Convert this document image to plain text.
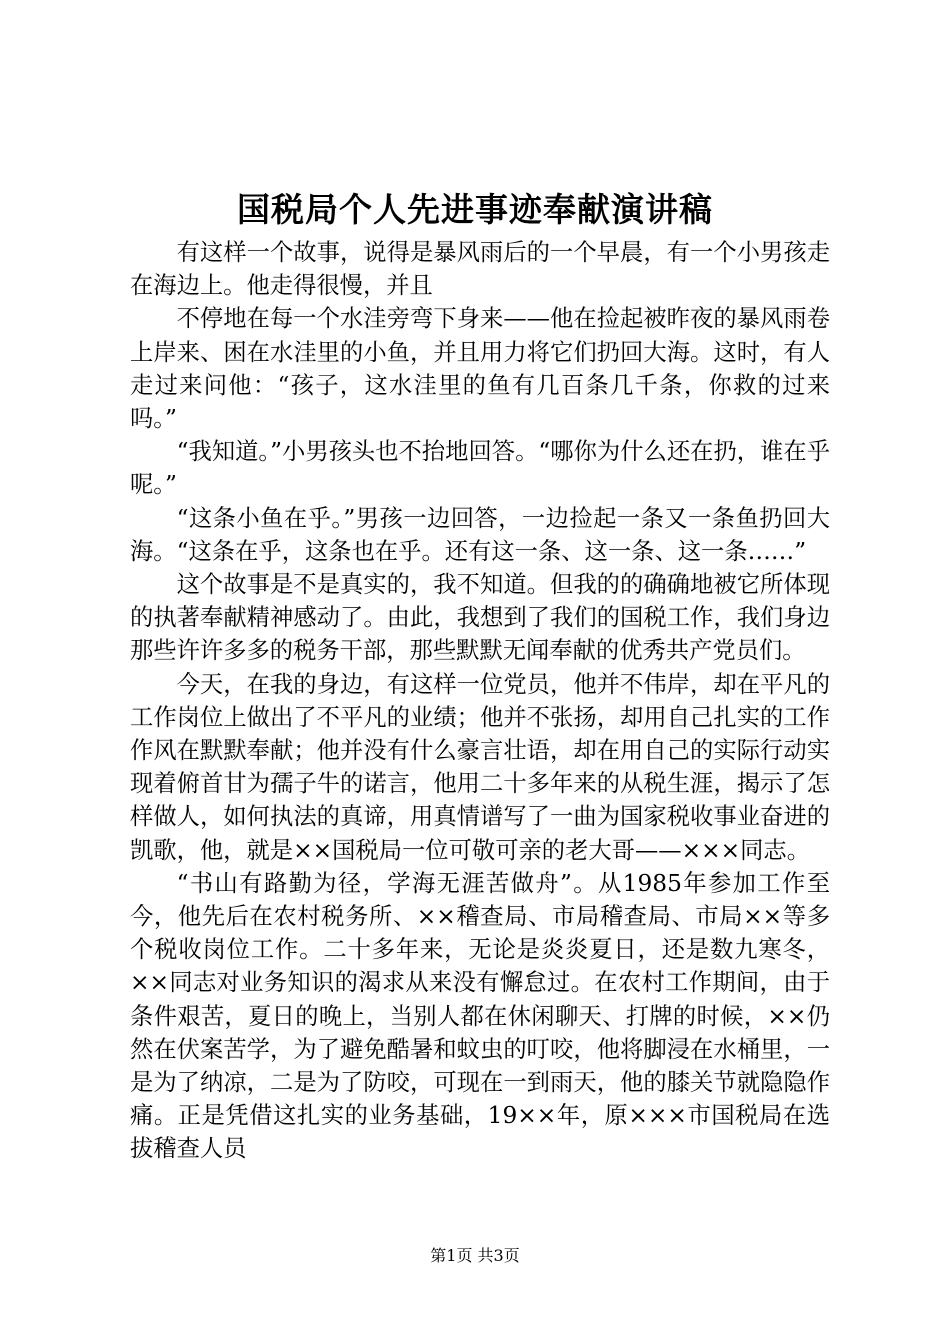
国税局个人先进事迹奉献演讲稿

有这样一个故事，说得是暴风雨后的一个早晨，有一个小男孩走在海边上。他走得很慢，并且

不停地在每一个水洼旁弯下身来——他在捡起被昨夜的暴风雨卷上岸来、困在水洼里的小鱼，并且用力将它们扔回大海。这时，有人走过来问他：“孩子，这水洼里的鱼有几百条几千条，你救的过来吗。”

“我知道。”小男孩头也不抬地回答。“哪你为什么还在扔，谁在乎呢。”

“这条小鱼在乎。”男孩一边回答，一边捡起一条又一条鱼扔回大海。“这条在乎，这条也在乎。还有这一条、这一条、这一条……”

这个故事是不是真实的，我不知道。但我的的确确地被它所体现的执著奉献精神感动了。由此，我想到了我们的国税工作，我们身边那些许许多多的税务干部，那些默默无闻奉献的优秀共产党员们。

今天，在我的身边，有这样一位党员，他并不伟岸，却在平凡的工作岗位上做出了不平凡的业绩；他并不张扬，却用自己扎实的工作作风在默默奉献；他并没有什么豪言壮语，却在用自己的实际行动实现着俯首甘为孺子牛的诺言，他用二十多年来的从税生涯，揭示了怎样做人，如何执法的真谛，用真情谱写了一曲为国家税收事业奋进的凯歌，他，就是××国税局一位可敬可亲的老大哥——×××同志。

“书山有路勤为径，学海无涯苦做舟”。从1985年参加工作至今，他先后在农村税务所、××稽查局、市局稽查局、市局××等多个税收岗位工作。二十多年来，无论是炎炎夏日，还是数九寒冬，××同志对业务知识的渴求从来没有懈怠过。在农村工作期间，由于条件艰苦，夏日的晚上，当别人都在休闲聊天、打牌的时候，××仍然在伏案苦学，为了避免酷暑和蚊虫的叮咬，他将脚浸在水桶里，一是为了纳凉，二是为了防咬，可现在一到雨天，他的膝关节就隐隐作痛。正是凭借这扎实的业务基础，19××年，原×××市国税局在选拔稽查人员

第1页 共3页
